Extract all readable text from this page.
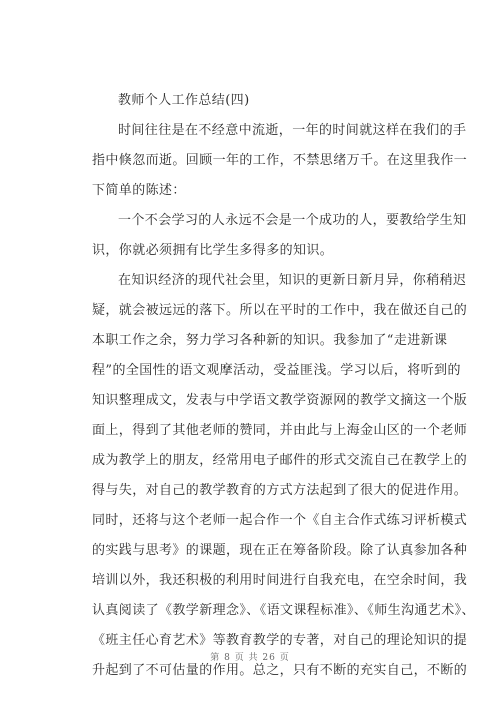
教师个人工作总结(四)
时间往往是在不经意中流逝，一年的时间就这样在我们的手
指中倏忽而逝。回顾一年的工作，不禁思绪万千。在这里我作一
下简单的陈述：
一个不会学习的人永远不会是一个成功的人，要教给学生知
识，你就必须拥有比学生多得多的知识。
在知识经济的现代社会里，知识的更新日新月异，你稍稍迟
疑，就会被远远的落下。所以在平时的工作中，我在做还自己的
本职工作之余，努力学习各种新的知识。我参加了“走进新课
程”的全国性的语文观摩活动，受益匪浅。学习以后，将听到的
知识整理成文，发表与中学语文教学资源网的教学文摘这一个版
面上，得到了其他老师的赞同，并由此与上海金山区的一个老师
成为教学上的朋友，经常用电子邮件的形式交流自己在教学上的
得与失，对自己的教学教育的方式方法起到了很大的促进作用。
同时，还将与这个老师一起合作一个《自主合作式练习评析模式
的实践与思考》的课题，现在正在筹备阶段。除了认真参加各种
培训以外，我还积极的利用时间进行自我充电，在空余时间，我
认真阅读了《教学新理念》、《语文课程标准》、《师生沟通艺术》、
《班主任心育艺术》等教育教学的专著，对自己的理论知识的提
升起到了不可估量的作用。总之，只有不断的充实自己，不断的
第 8 页 共 26 页
